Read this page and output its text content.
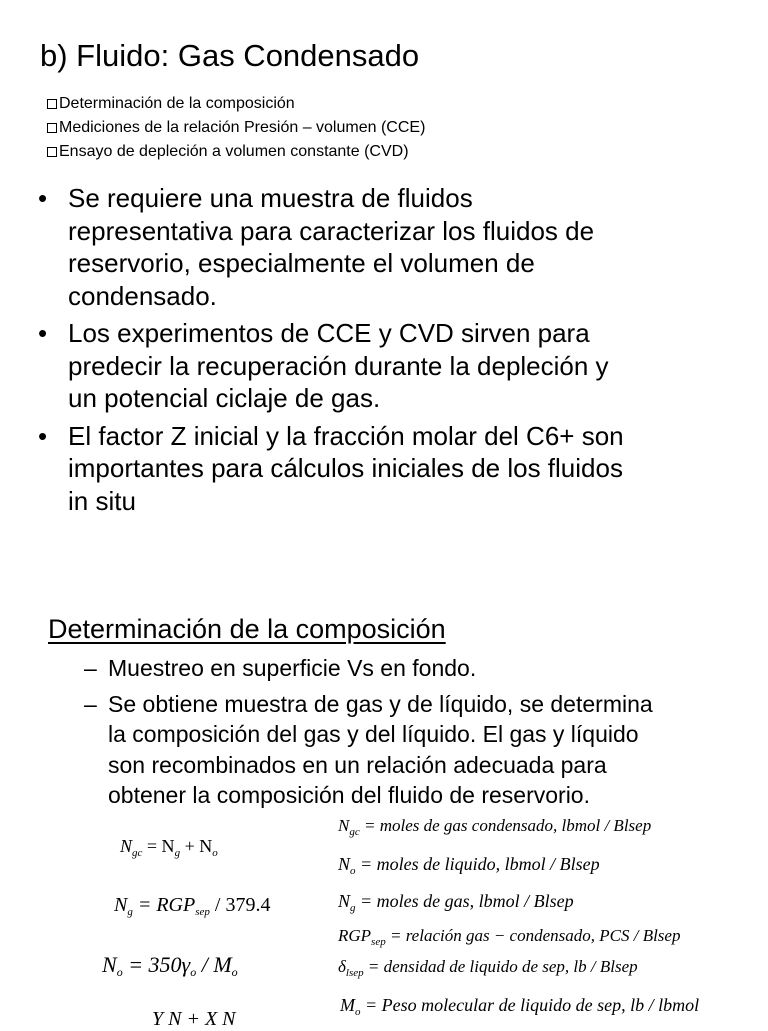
b) Fluido: Gas Condensado
Determinación de la composición
Mediciones de la relación Presión – volumen (CCE)
Ensayo de depleción a volumen constante (CVD)
• Se requiere una muestra de fluidos
representativa para caracterizar los fluidos de
reservorio, especialmente el volumen de
condensado.
• Los experimentos de CCE y CVD sirven para
predecir la recuperación durante la depleción y
un potencial ciclaje de gas.
• El factor Z inicial y la fracción molar del C6+ son
importantes para cálculos iniciales de los fluidos
in situ
Determinación de la composición
– Muestreo en superficie Vs en fondo.
– Se obtiene muestra de gas y de líquido, se determina
la composición del gas y del líquido. El gas y líquido
son recombinados en un relación adecuada para
obtener la composición del fluido de reservorio.
$N_{gc} = N_g + N_o$
$N_g = RGP_{sep} / 379.4$
$N_o = 350\gamma_o / M_o$
Y N + X N
$N_{gc}$ = moles de gas condensado, lbmol / Blsep
$N_o$ = moles de liquido, lbmol / Blsep
$N_g$ = moles de gas, lbmol / Blsep
$RGP_{sep}$ = relación gas − condensado, PCS / Blsep
$\delta_{lsep}$ = densidad de liquido de sep, lb / Blsep
$M_o$ = Peso molecular de liquido de sep, lb / lbmol
